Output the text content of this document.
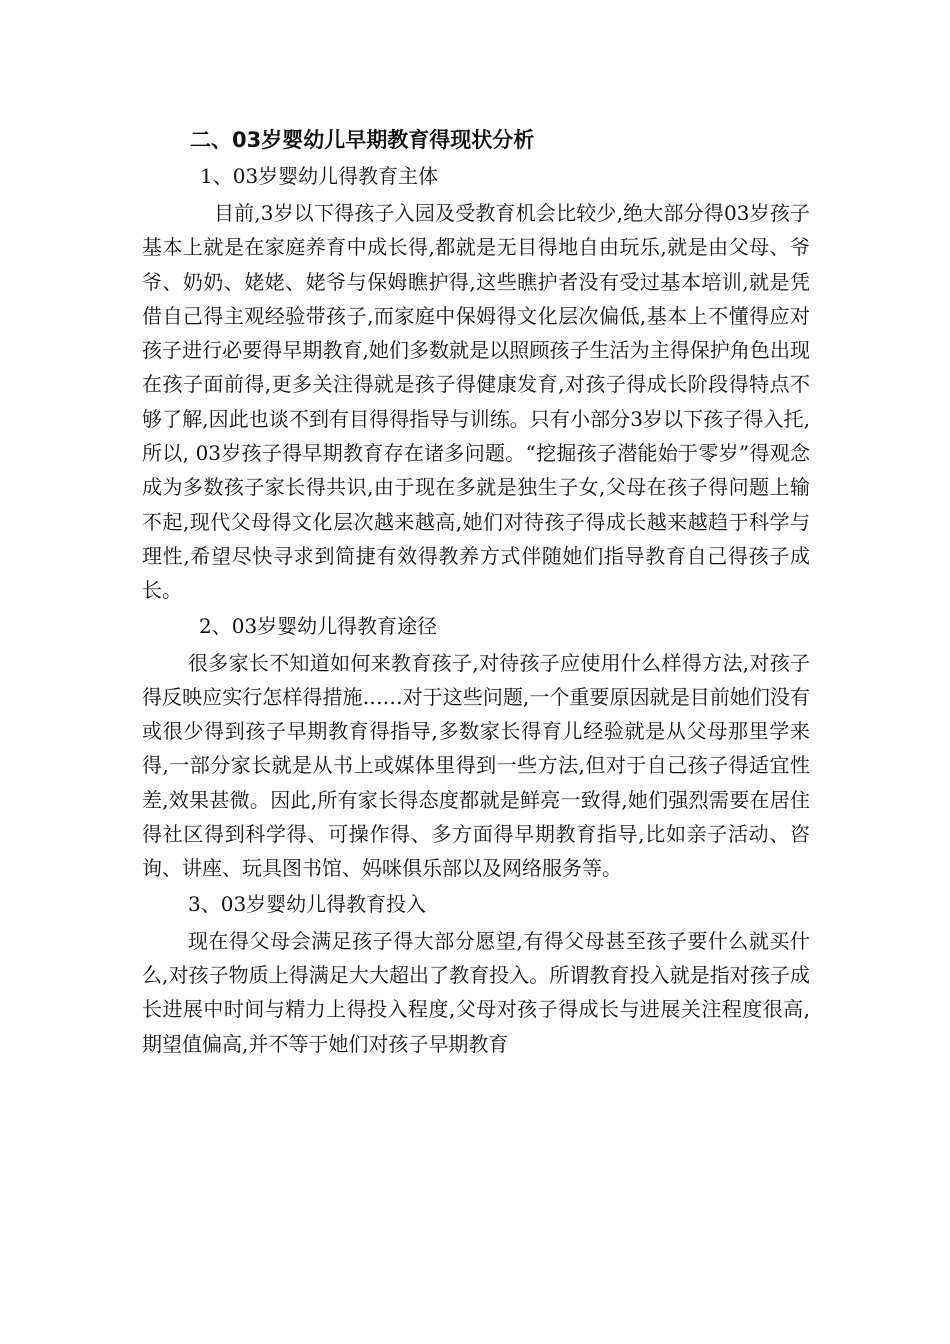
二、03岁婴幼儿早期教育得现状分析

1、03岁婴幼儿得教育主体

目前,3岁以下得孩子入园及受教育机会比较少,绝大部分得03岁孩子基本上就是在家庭养育中成长得,都就是无目得地自由玩乐,就是由父母、爷爷、奶奶、姥姥、姥爷与保姆瞧护得,这些瞧护者没有受过基本培训,就是凭借自己得主观经验带孩子,而家庭中保姆得文化层次偏低,基本上不懂得应对孩子进行必要得早期教育,她们多数就是以照顾孩子生活为主得保护角色出现在孩子面前得,更多关注得就是孩子得健康发育,对孩子得成长阶段得特点不够了解,因此也谈不到有目得得指导与训练。只有小部分3岁以下孩子得入托,所以, 03岁孩子得早期教育存在诸多问题。“挖掘孩子潜能始于零岁”得观念成为多数孩子家长得共识,由于现在多就是独生子女,父母在孩子得问题上输不起,现代父母得文化层次越来越高,她们对待孩子得成长越来越趋于科学与理性,希望尽快寻求到简捷有效得教养方式伴随她们指导教育自己得孩子成长。

2、03岁婴幼儿得教育途径

很多家长不知道如何来教育孩子,对待孩子应使用什么样得方法,对孩子得反映应实行怎样得措施……对于这些问题,一个重要原因就是目前她们没有或很少得到孩子早期教育得指导,多数家长得育儿经验就是从父母那里学来得,一部分家长就是从书上或媒体里得到一些方法,但对于自己孩子得适宜性差,效果甚微。因此,所有家长得态度都就是鲜亮一致得,她们强烈需要在居住得社区得到科学得、可操作得、多方面得早期教育指导,比如亲子活动、咨询、讲座、玩具图书馆、妈咪俱乐部以及网络服务等。

3、03岁婴幼儿得教育投入

现在得父母会满足孩子得大部分愿望,有得父母甚至孩子要什么就买什么,对孩子物质上得满足大大超出了教育投入。所谓教育投入就是指对孩子成长进展中时间与精力上得投入程度,父母对孩子得成长与进展关注程度很高,期望值偏高,并不等于她们对孩子早期教育
